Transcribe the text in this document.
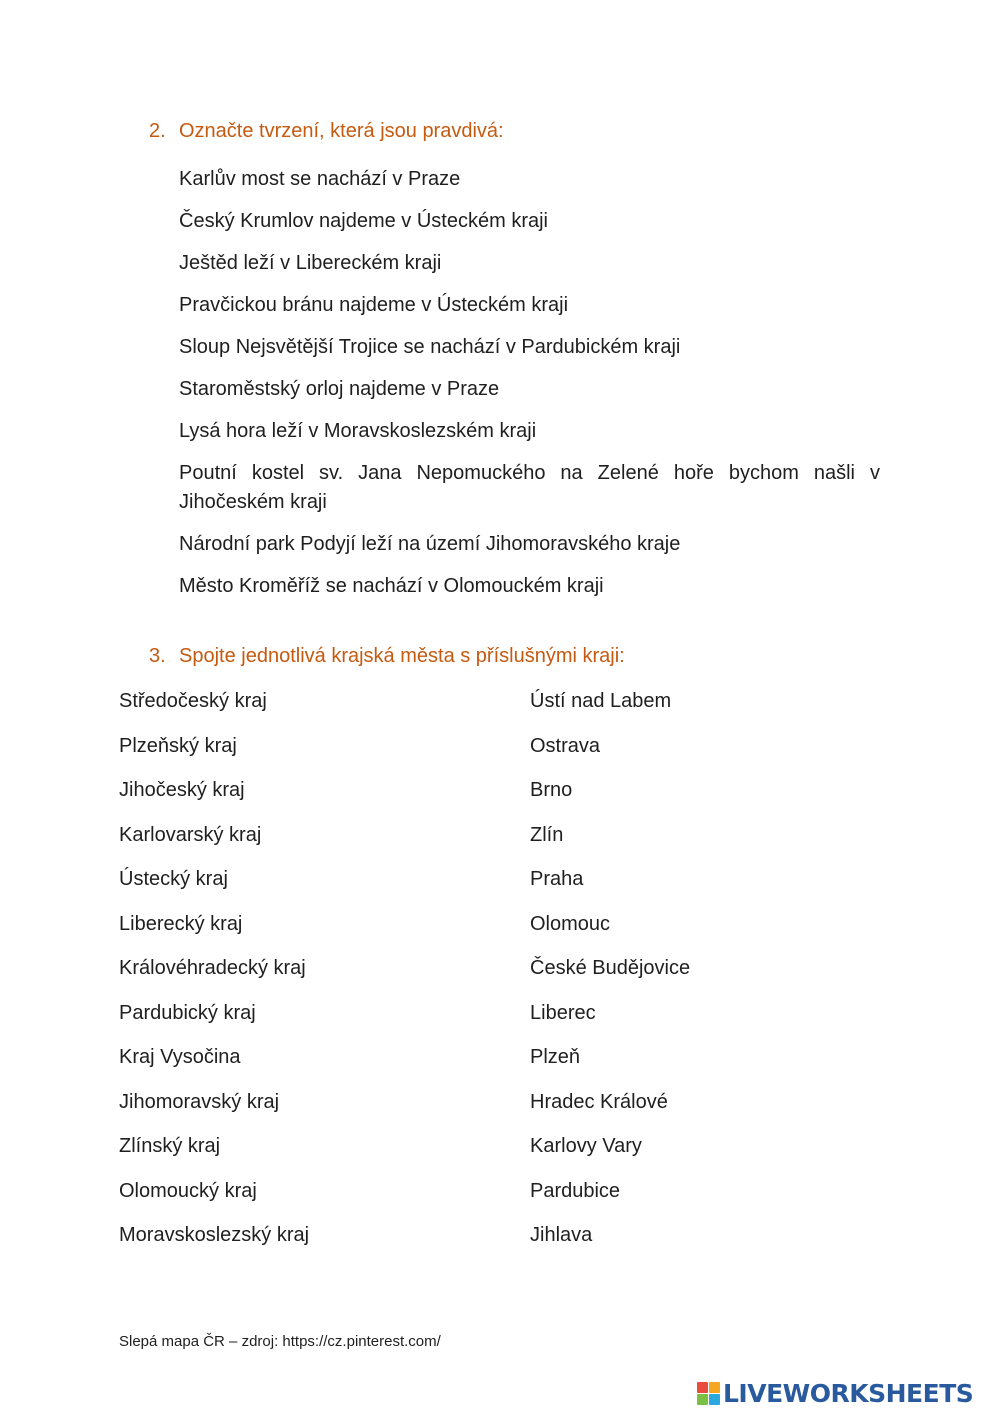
2. Označte tvrzení, která jsou pravdivá:
Karlův most se nachází v Praze
Český Krumlov najdeme v Ústeckém kraji
Ještěd leží v Libereckém kraji
Pravčickou bránu najdeme v Ústeckém kraji
Sloup Nejsvětější Trojice se nachází v Pardubickém kraji
Staroměstský orloj najdeme v Praze
Lysá hora leží v Moravskoslezském kraji
Poutní kostel sv. Jana Nepomuckého na Zelené hoře bychom našli v Jihočeském kraji
Národní park Podyjí leží na území Jihomoravského kraje
Město Kroměříž se nachází v Olomouckém kraji
3. Spojte jednotlivá krajská města s příslušnými kraji:
Středočeský kraj	Ústí nad Labem
Plzeňský kraj	Ostrava
Jihočeský kraj	Brno
Karlovarský kraj	Zlín
Ústecký kraj	Praha
Liberecký kraj	Olomouc
Královéhradecký kraj	České Budějovice
Pardubický kraj	Liberec
Kraj Vysočina	Plzeň
Jihomoravský kraj	Hradec Králové
Zlínský kraj	Karlovy Vary
Olomoucký kraj	Pardubice
Moravskoslezský kraj	Jihlava
Slepá mapa ČR – zdroj: https://cz.pinterest.com/
LIVEWORKSHEETS
